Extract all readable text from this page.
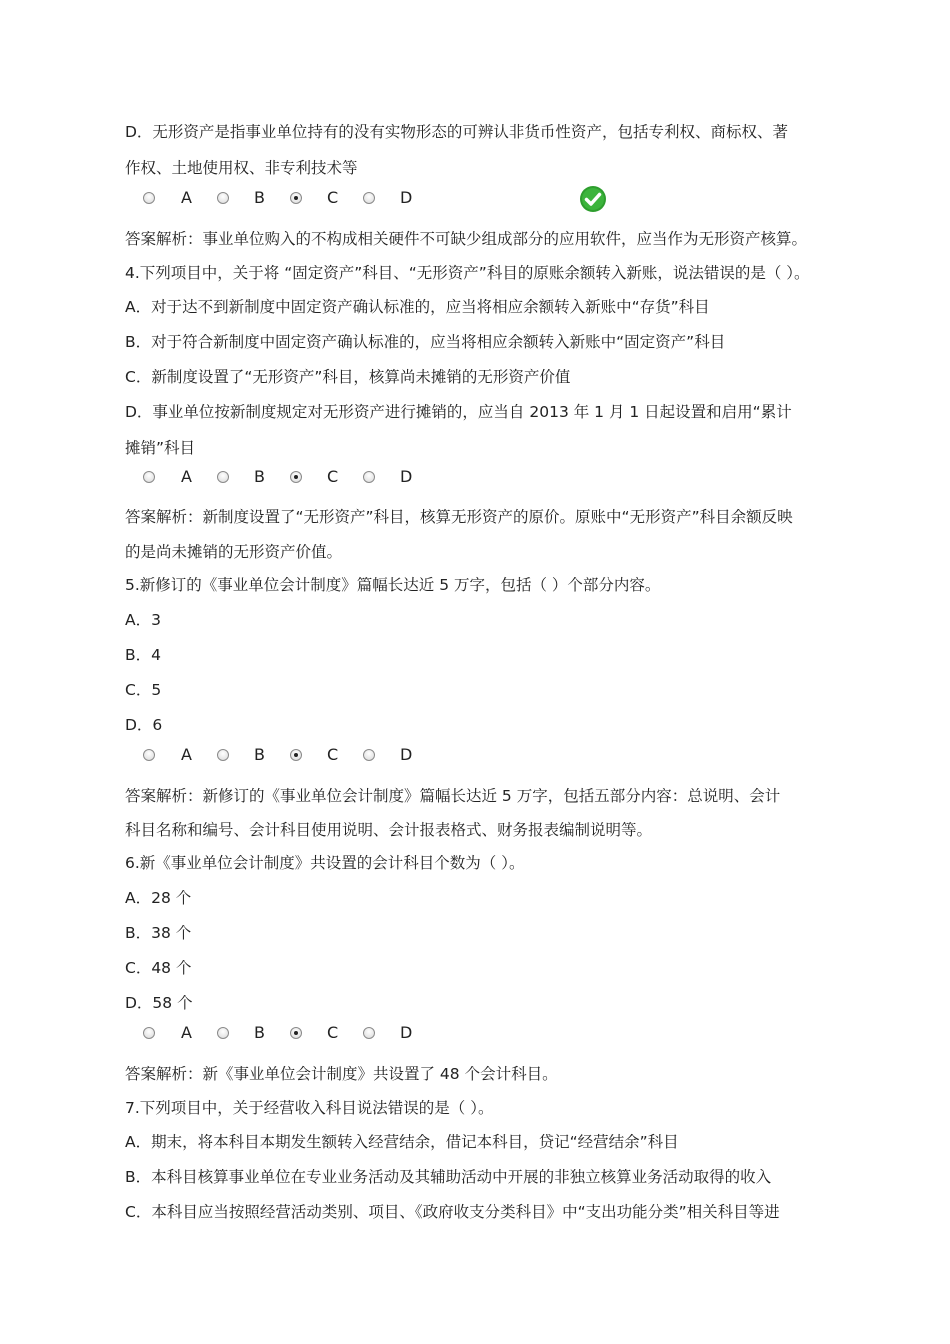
D．无形资产是指事业单位持有的没有实物形态的可辨认非货币性资产，包括专利权、商标权、著
作权、土地使用权、非专利技术等
A	B	C	D
答案解析：事业单位购入的不构成相关硬件不可缺少组成部分的应用软件，应当作为无形资产核算。
4.下列项目中，关于将 “固定资产”科目、“无形资产”科目的原账余额转入新账，说法错误的是（ ）。
A．对于达不到新制度中固定资产确认标准的，应当将相应余额转入新账中“存货”科目
B．对于符合新制度中固定资产确认标准的，应当将相应余额转入新账中“固定资产”科目
C．新制度设置了“无形资产”科目，核算尚未摊销的无形资产价值
D．事业单位按新制度规定对无形资产进行摊销的，应当自 2013 年 1 月 1 日起设置和启用“累计
摊销”科目
A	B	C	D
答案解析：新制度设置了“无形资产”科目，核算无形资产的原价。原账中“无形资产”科目余额反映
的是尚未摊销的无形资产价值。
5.新修订的《事业单位会计制度》篇幅长达近 5 万字，包括（ ）个部分内容。
A．3
B．4
C．5
D．6
A	B	C	D
答案解析：新修订的《事业单位会计制度》篇幅长达近 5 万字，包括五部分内容：总说明、会计
科目名称和编号、会计科目使用说明、会计报表格式、财务报表编制说明等。
6.新《事业单位会计制度》共设置的会计科目个数为（ ）。
A．28 个
B．38 个
C．48 个
D．58 个
A	B	C	D
答案解析：新《事业单位会计制度》共设置了 48 个会计科目。
7.下列项目中，关于经营收入科目说法错误的是（ ）。
A．期末，将本科目本期发生额转入经营结余，借记本科目，贷记“经营结余”科目
B．本科目核算事业单位在专业业务活动及其辅助活动中开展的非独立核算业务活动取得的收入
C．本科目应当按照经营活动类别、项目、《政府收支分类科目》中“支出功能分类”相关科目等进
